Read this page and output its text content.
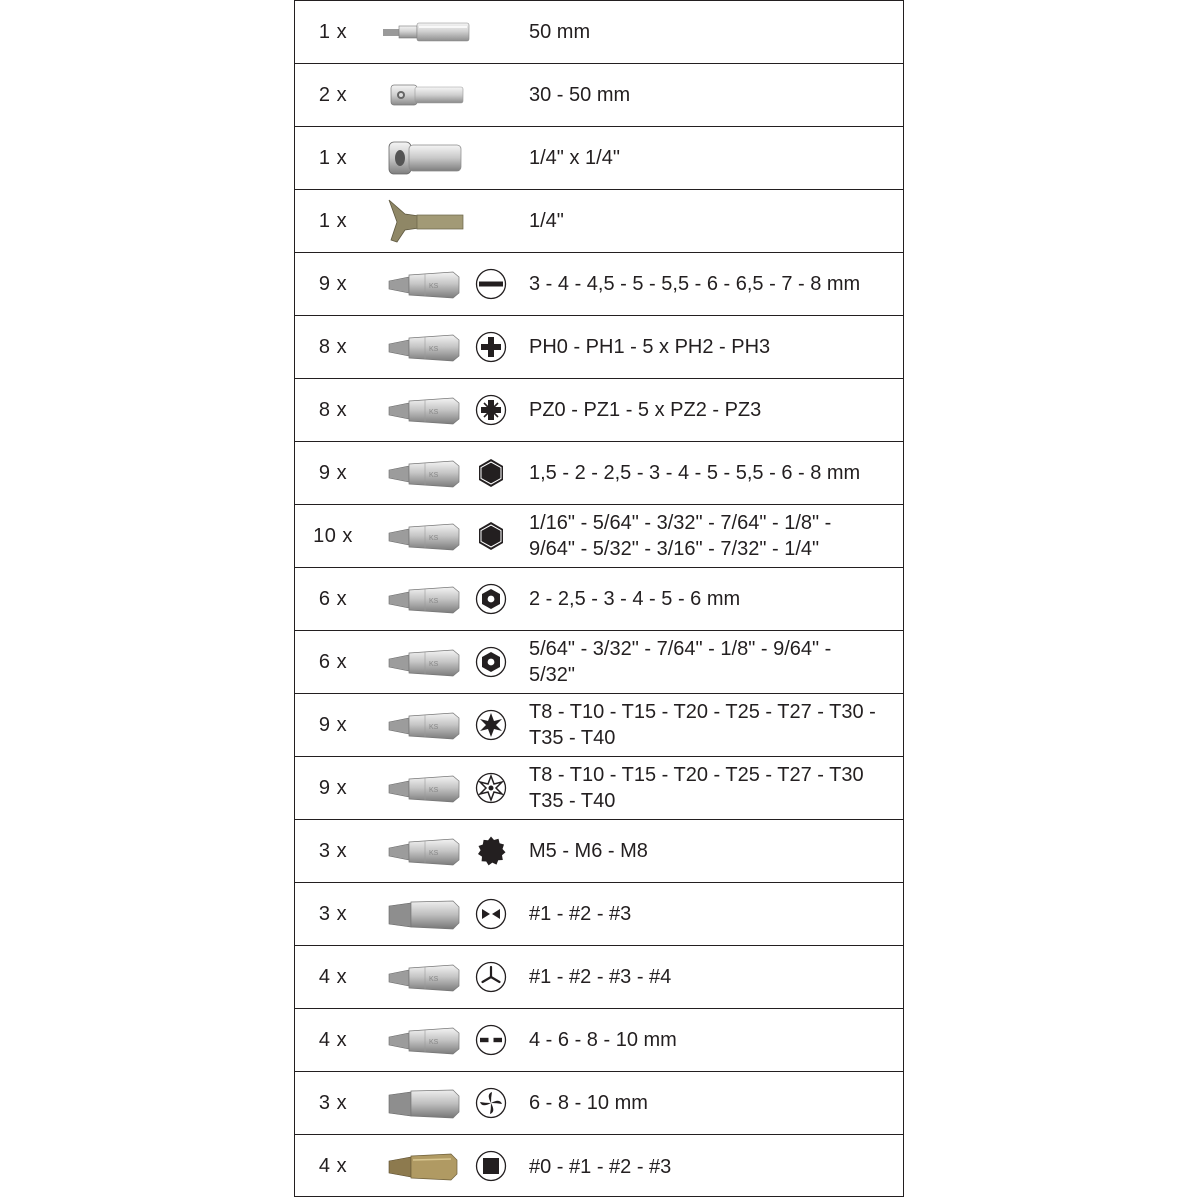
1 x	50 mm
2 x	30 - 50 mm
1 x	1/4" x 1/4"
1 x	1/4"
9 x	KS	3 - 4 - 4,5 - 5 - 5,5 - 6 - 6,5 - 7 - 8 mm
8 x	KS	PH0 - PH1 - 5 x PH2 - PH3
8 x	KS	PZ0 - PZ1 - 5 x PZ2 - PZ3
9 x	KS	1,5 - 2 - 2,5 - 3 - 4 - 5 - 5,5 - 6 - 8 mm
10 x	KS
1/16" - 5/64" - 3/32" - 7/64" - 1/8" -
9/64" - 5/32" - 3/16" - 7/32" - 1/4"
6 x	KS	2 - 2,5 - 3 - 4 - 5 - 6 mm
6 x	KS
5/64" - 3/32" - 7/64" - 1/8" - 9/64" -
5/32"
9 x	KS
T8 - T10 - T15 - T20 - T25 - T27 - T30 -
T35 - T40
9 x	KS
T8 - T10 - T15 - T20 - T25 - T27 - T30
T35 - T40
3 x	KS	M5 - M6 - M8
3 x	#1 - #2 - #3
4 x	KS	#1 - #2 - #3 - #4
4 x	KS	4 - 6 - 8 - 10 mm
3 x	6 - 8 - 10 mm
4 x	#0 - #1 - #2 - #3
